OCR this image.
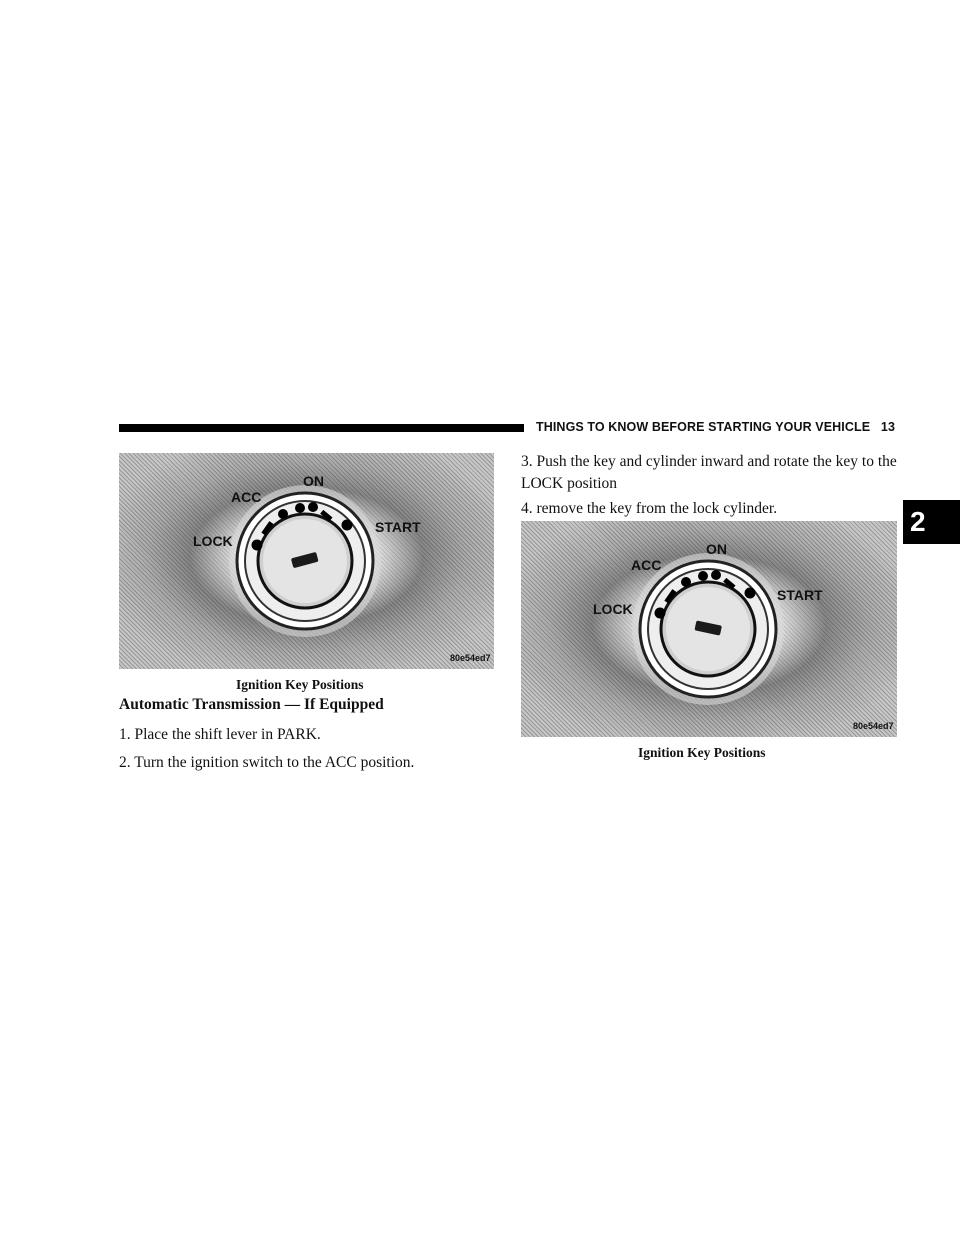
THINGS TO KNOW BEFORE STARTING YOUR VEHICLE 13
2
ON
ACC
LOCK
START
80e54ed7
Ignition Key Positions
Automatic Transmission — If Equipped
1. Place the shift lever in PARK.
2. Turn the ignition switch to the ACC position.
3. Push the key and cylinder inward and rotate the key to the LOCK position
4. remove the key from the lock cylinder.
ON
ACC
LOCK
START
80e54ed7
Ignition Key Positions
